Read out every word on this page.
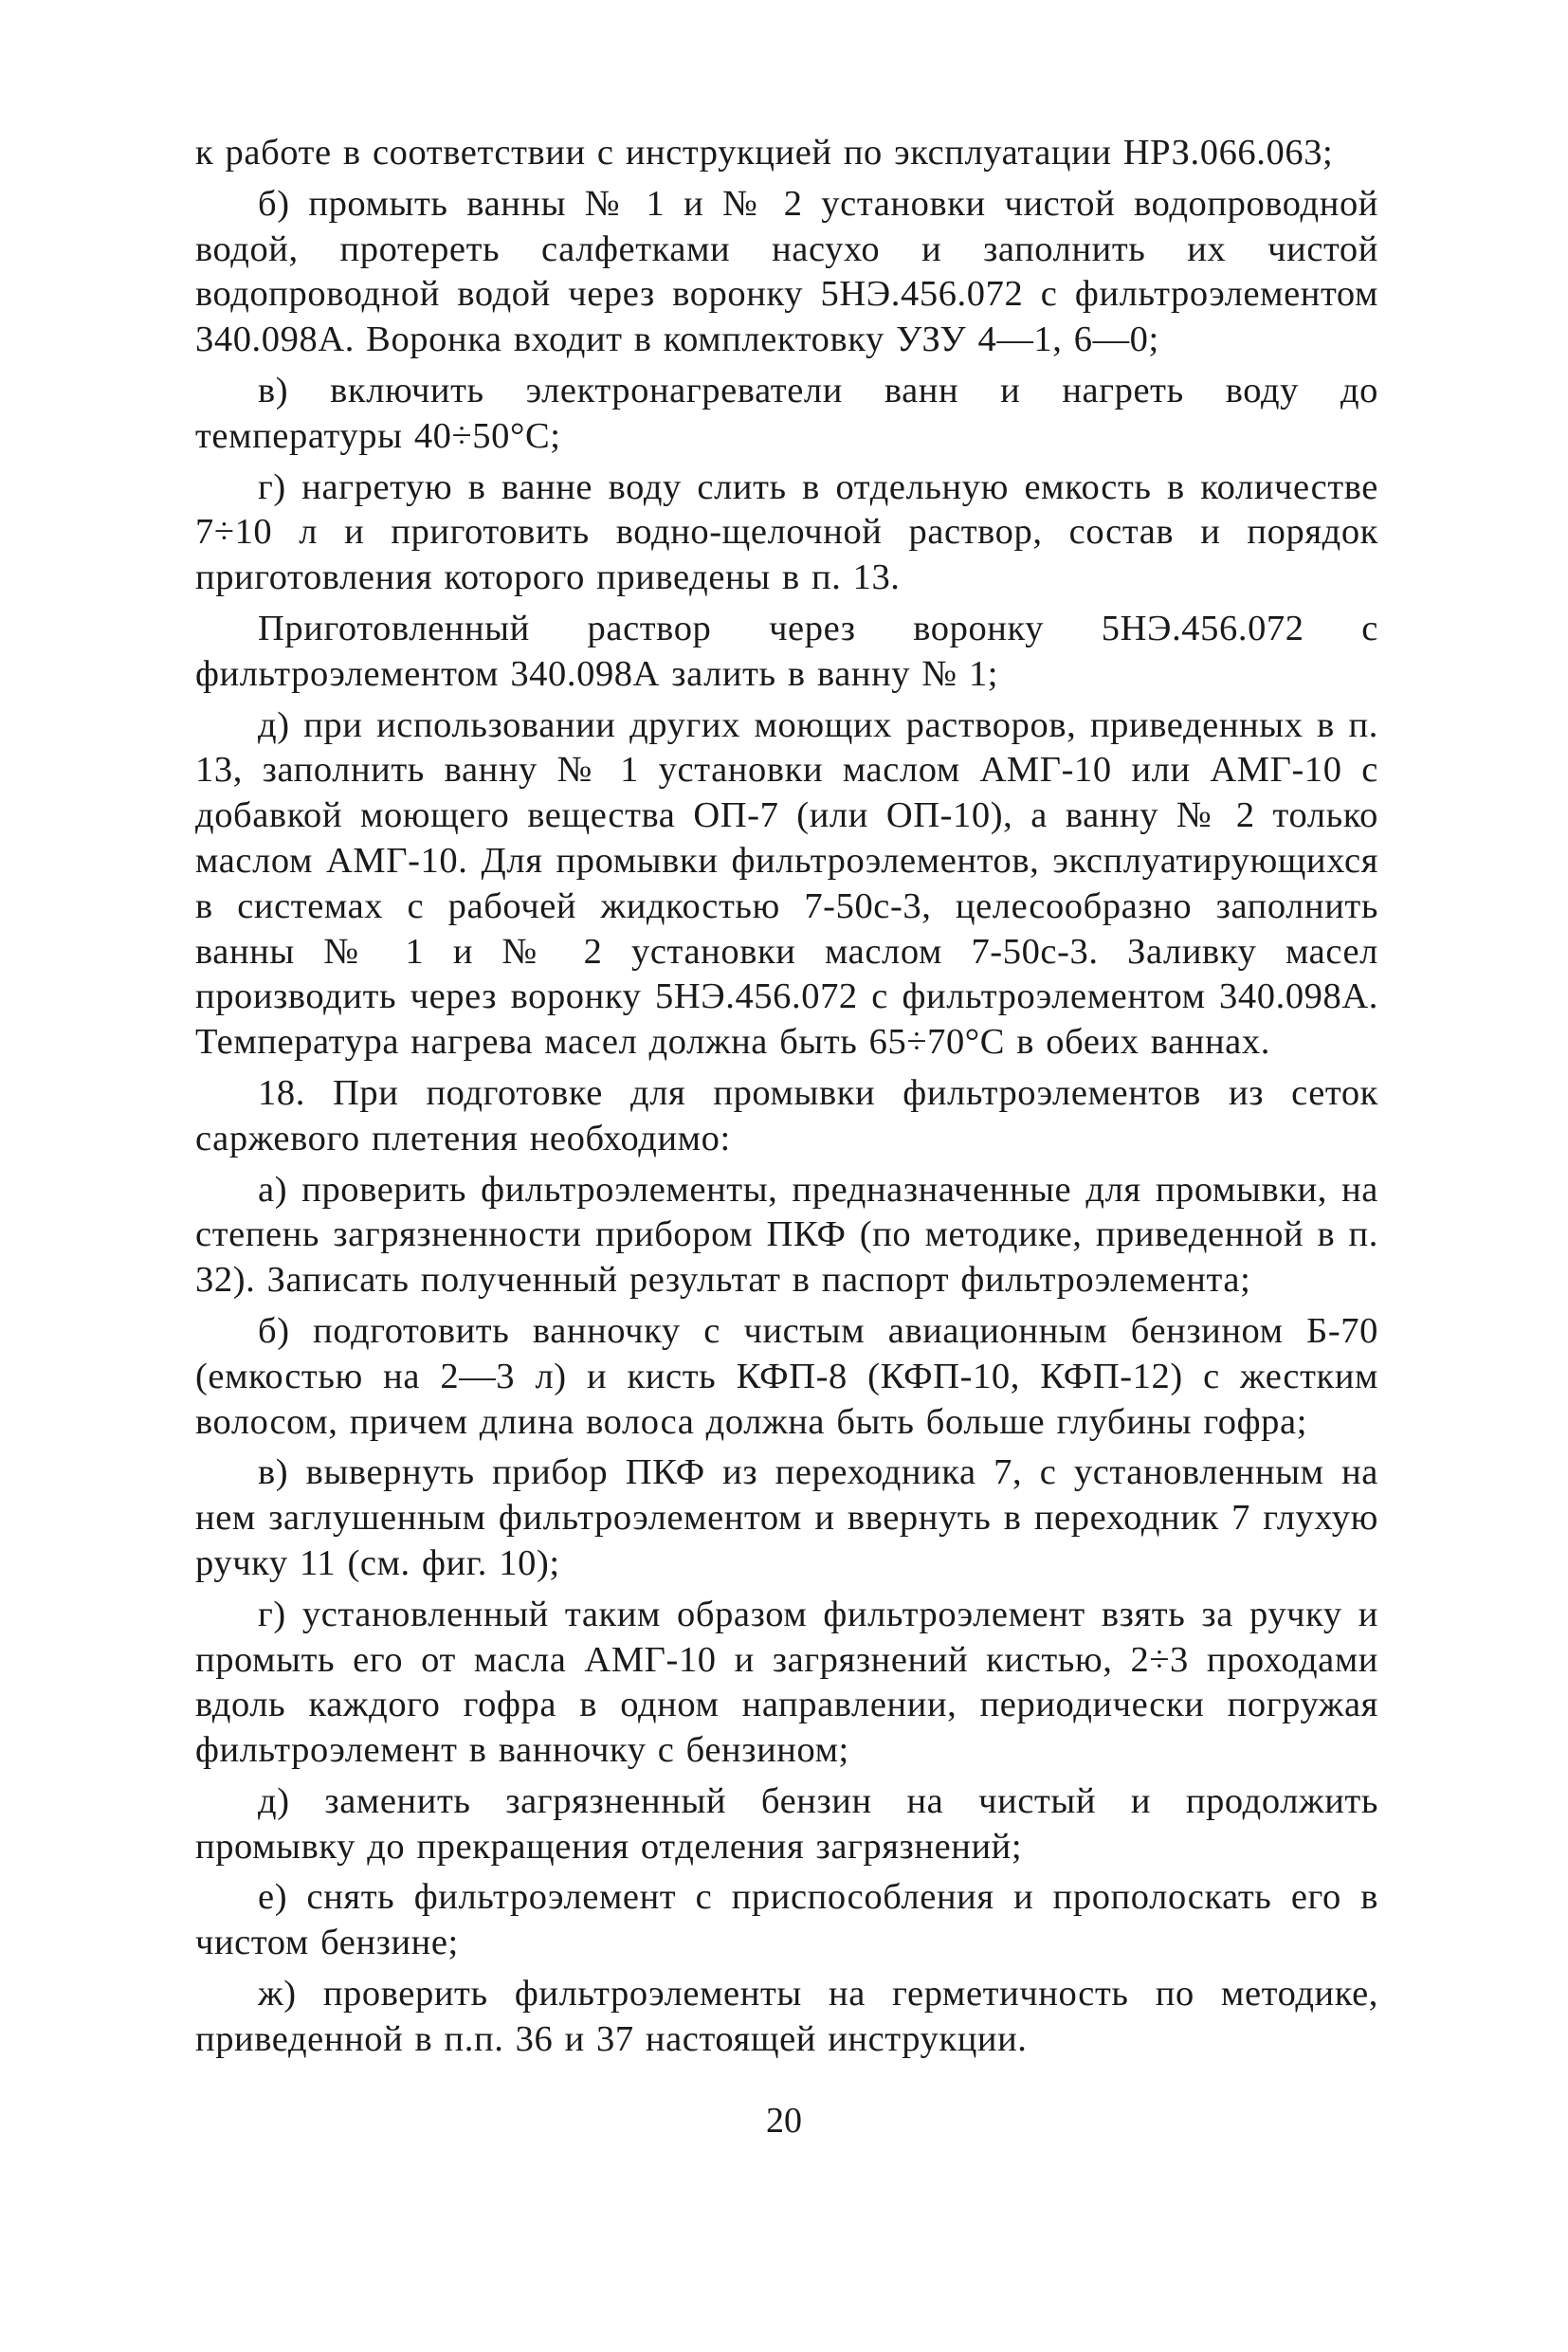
к работе в соответствии с инструкцией по эксплуатации НРЗ.066.063;

б) промыть ванны № 1 и № 2 установки чистой водопроводной водой, протереть салфетками насухо и заполнить их чистой водопроводной водой через воронку 5НЭ.456.072 с фильтроэлементом 340.098А. Воронка входит в комплектовку УЗУ 4—1, 6—0;

в) включить электронагреватели ванн и нагреть воду до температуры 40÷50°С;

г) нагретую в ванне воду слить в отдельную емкость в количестве 7÷10 л и приготовить водно-щелочной раствор, состав и порядок приготовления которого приведены в п. 13.

Приготовленный раствор через воронку 5НЭ.456.072 с фильтроэлементом 340.098А залить в ванну № 1;

д) при использовании других моющих растворов, приведенных в п. 13, заполнить ванну № 1 установки маслом АМГ-10 или АМГ-10 с добавкой моющего вещества ОП-7 (или ОП-10), а ванну № 2 только маслом АМГ-10. Для промывки фильтроэлементов, эксплуатирующихся в системах с рабочей жидкостью 7-50с-3, целесообразно заполнить ванны № 1 и № 2 установки маслом 7-50с-3. Заливку масел производить через воронку 5НЭ.456.072 с фильтроэлементом 340.098А. Температура нагрева масел должна быть 65÷70°С в обеих ваннах.

18. При подготовке для промывки фильтроэлементов из сеток саржевого плетения необходимо:

а) проверить фильтроэлементы, предназначенные для промывки, на степень загрязненности прибором ПКФ (по методике, приведенной в п. 32). Записать полученный результат в паспорт фильтроэлемента;

б) подготовить ванночку с чистым авиационным бензином Б-70 (емкостью на 2—3 л) и кисть КФП-8 (КФП-10, КФП-12) с жестким волосом, причем длина волоса должна быть больше глубины гофра;

в) вывернуть прибор ПКФ из переходника 7, с установленным на нем заглушенным фильтроэлементом и ввернуть в переходник 7 глухую ручку 11 (см. фиг. 10);

г) установленный таким образом фильтроэлемент взять за ручку и промыть его от масла АМГ-10 и загрязнений кистью, 2÷3 проходами вдоль каждого гофра в одном направлении, периодически погружая фильтроэлемент в ванночку с бензином;

д) заменить загрязненный бензин на чистый и продолжить промывку до прекращения отделения загрязнений;

е) снять фильтроэлемент с приспособления и прополоскать его в чистом бензине;

ж) проверить фильтроэлементы на герметичность по методике, приведенной в п.п. 36 и 37 настоящей инструкции.

20
